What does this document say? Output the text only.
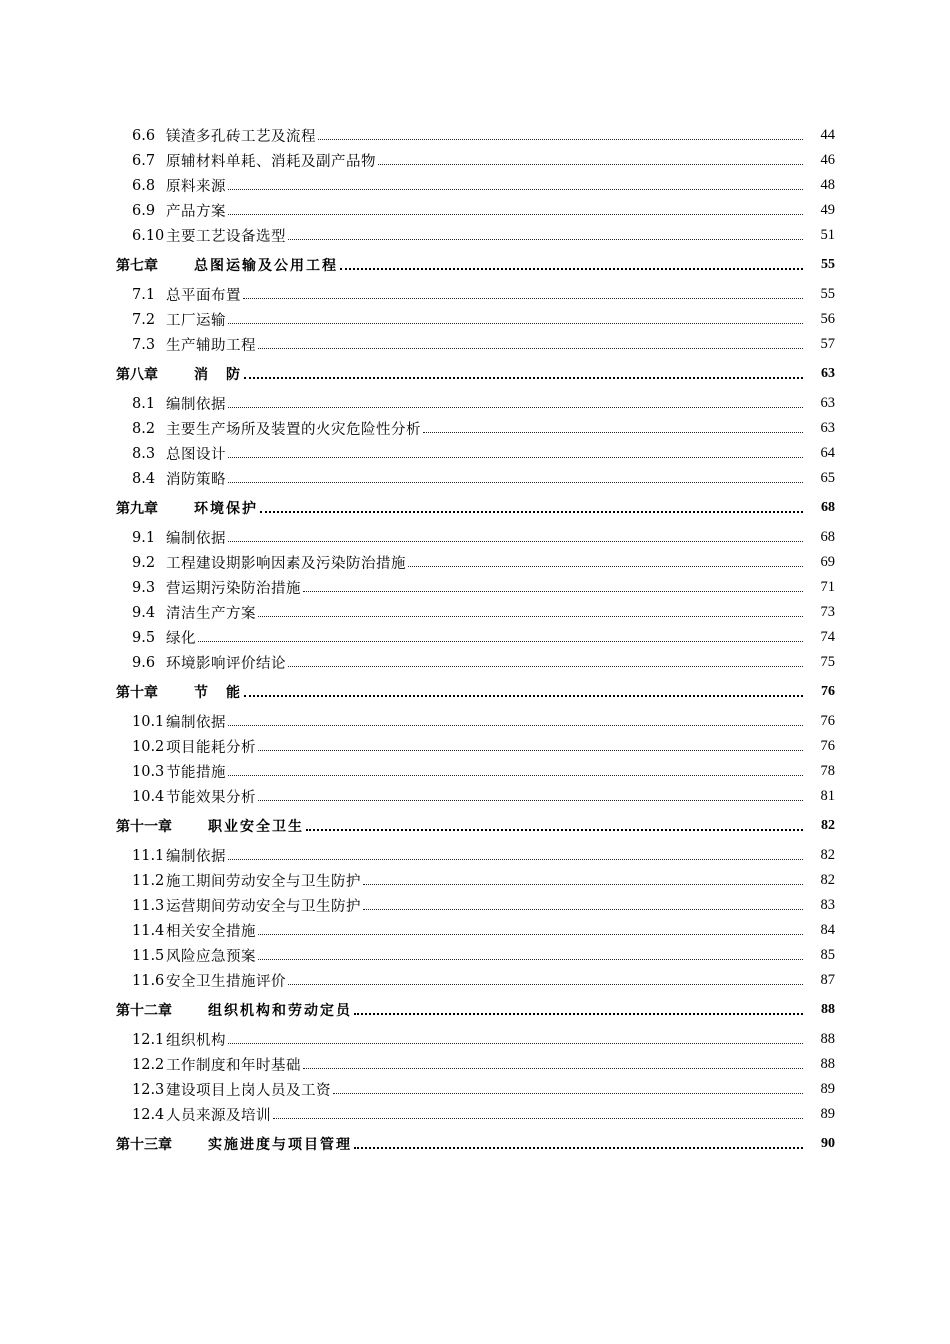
6.6 镁渣多孔砖工艺及流程	44
6.7 原辅材料单耗、消耗及副产品物	46
6.8 原料来源	48
6.9 产品方案	49
6.10 主要工艺设备选型	51
第七章	总图运输及公用工程	55
7.1 总平面布置	55
7.2 工厂运输	56
7.3 生产辅助工程	57
第八章	消　防	63
8.1 编制依据	63
8.2 主要生产场所及装置的火灾危险性分析	63
8.3 总图设计	64
8.4 消防策略	65
第九章	环境保护	68
9.1 编制依据	68
9.2 工程建设期影响因素及污染防治措施	69
9.3 营运期污染防治措施	71
9.4 清洁生产方案	73
9.5 绿化	74
9.6 环境影响评价结论	75
第十章	节　能	76
10.1 编制依据	76
10.2 项目能耗分析	76
10.3 节能措施	78
10.4 节能效果分析	81
第十一章	职业安全卫生	82
11.1 编制依据	82
11.2 施工期间劳动安全与卫生防护	82
11.3 运营期间劳动安全与卫生防护	83
11.4 相关安全措施	84
11.5 风险应急预案	85
11.6 安全卫生措施评价	87
第十二章	组织机构和劳动定员	88
12.1 组织机构	88
12.2 工作制度和年时基础	88
12.3 建设项目上岗人员及工资	89
12.4 人员来源及培训	89
第十三章	实施进度与项目管理	90
